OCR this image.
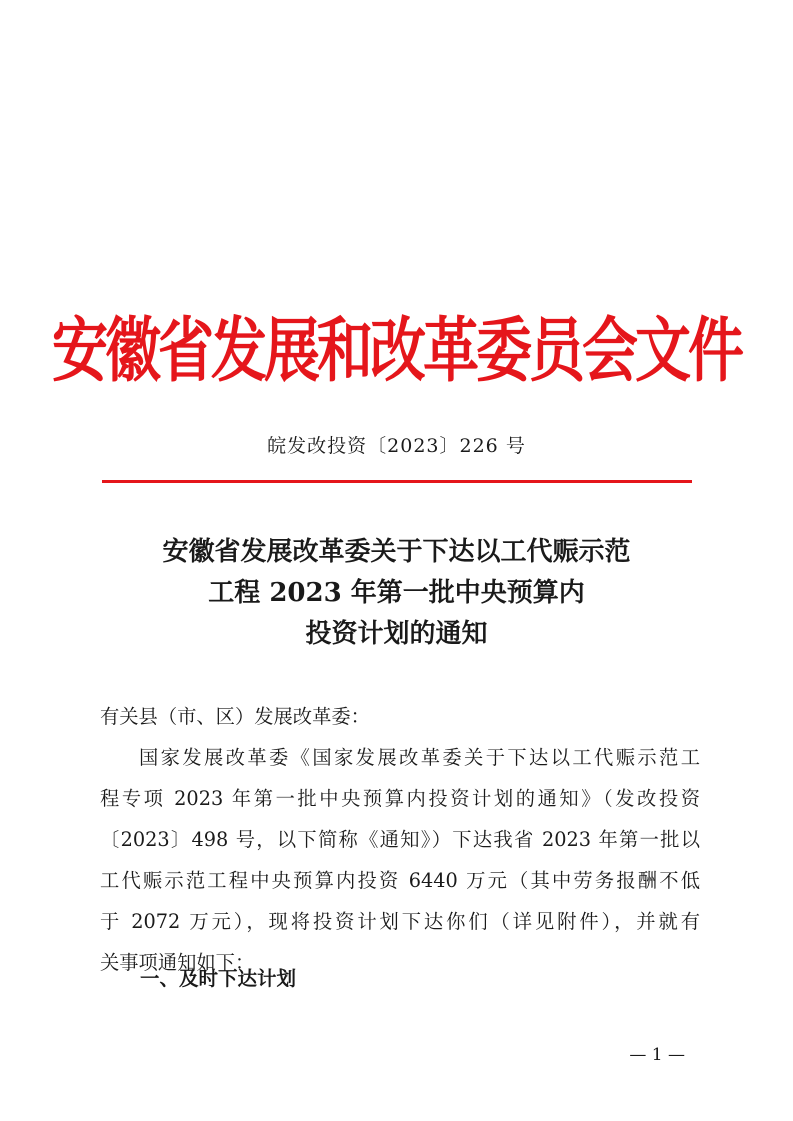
安徽省发展和改革委员会文件
皖发改投资〔2023〕226 号
安徽省发展改革委关于下达以工代赈示范
工程 2023 年第一批中央预算内
投资计划的通知
有关县（市、区）发展改革委：
国家发展改革委《国家发展改革委关于下达以工代赈示范工
程专项 2023 年第一批中央预算内投资计划的通知》（发改投资
〔2023〕498 号，以下简称《通知》）下达我省 2023 年第一批以
工代赈示范工程中央预算内投资 6440 万元（其中劳务报酬不低
于 2072 万元），现将投资计划下达你们（详见附件），并就有
关事项通知如下：
一、及时下达计划
— 1 —
